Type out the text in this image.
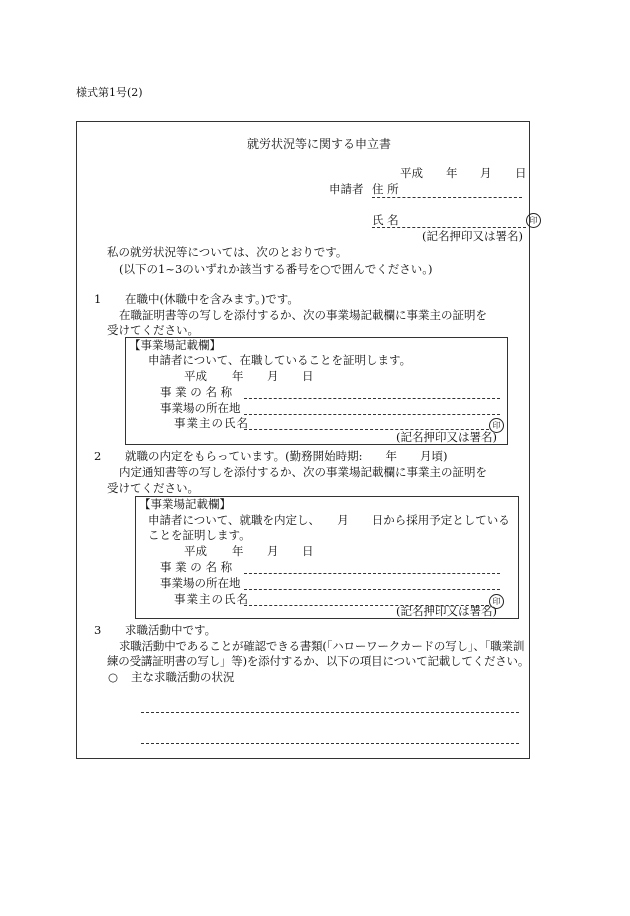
様式第1号(2)
就労状況等に関する申立書
平成 年 月 日
申請者 住 所
氏 名	印
(記名押印又は署名)
私の就労状況等については、次のとおりです。
(以下の1~3のいずれか該当する番号を○で囲んでください。)
1 在職中(休職中を含みます。)です。
在職証明書等の写しを添付するか、次の事業場記載欄に事業主の証明を
受けてください。
【事業場記載欄】
申請者について、在職していることを証明します。
平成 年 月 日
事 業 の 名 称
事業場の所在地
事業主の氏名	印
(記名押印又は署名)
2 就職の内定をもらっています。(勤務開始時期:　　年　　月頃)
内定通知書等の写しを添付するか、次の事業場記載欄に事業主の証明を
受けてください。
【事業場記載欄】
申請者について、就職を内定し、　　月　　日から採用予定としている
ことを証明します。
平成 年 月 日
事 業 の 名 称
事業場の所在地
事業主の氏名	印
(記名押印又は署名)
3 求職活動中です。
求職活動中であることが確認できる書類(「ハローワークカードの写し」、「職業訓
練の受講証明書の写し」等)を添付するか、以下の項目について記載してください。
○ 主な求職活動の状況
